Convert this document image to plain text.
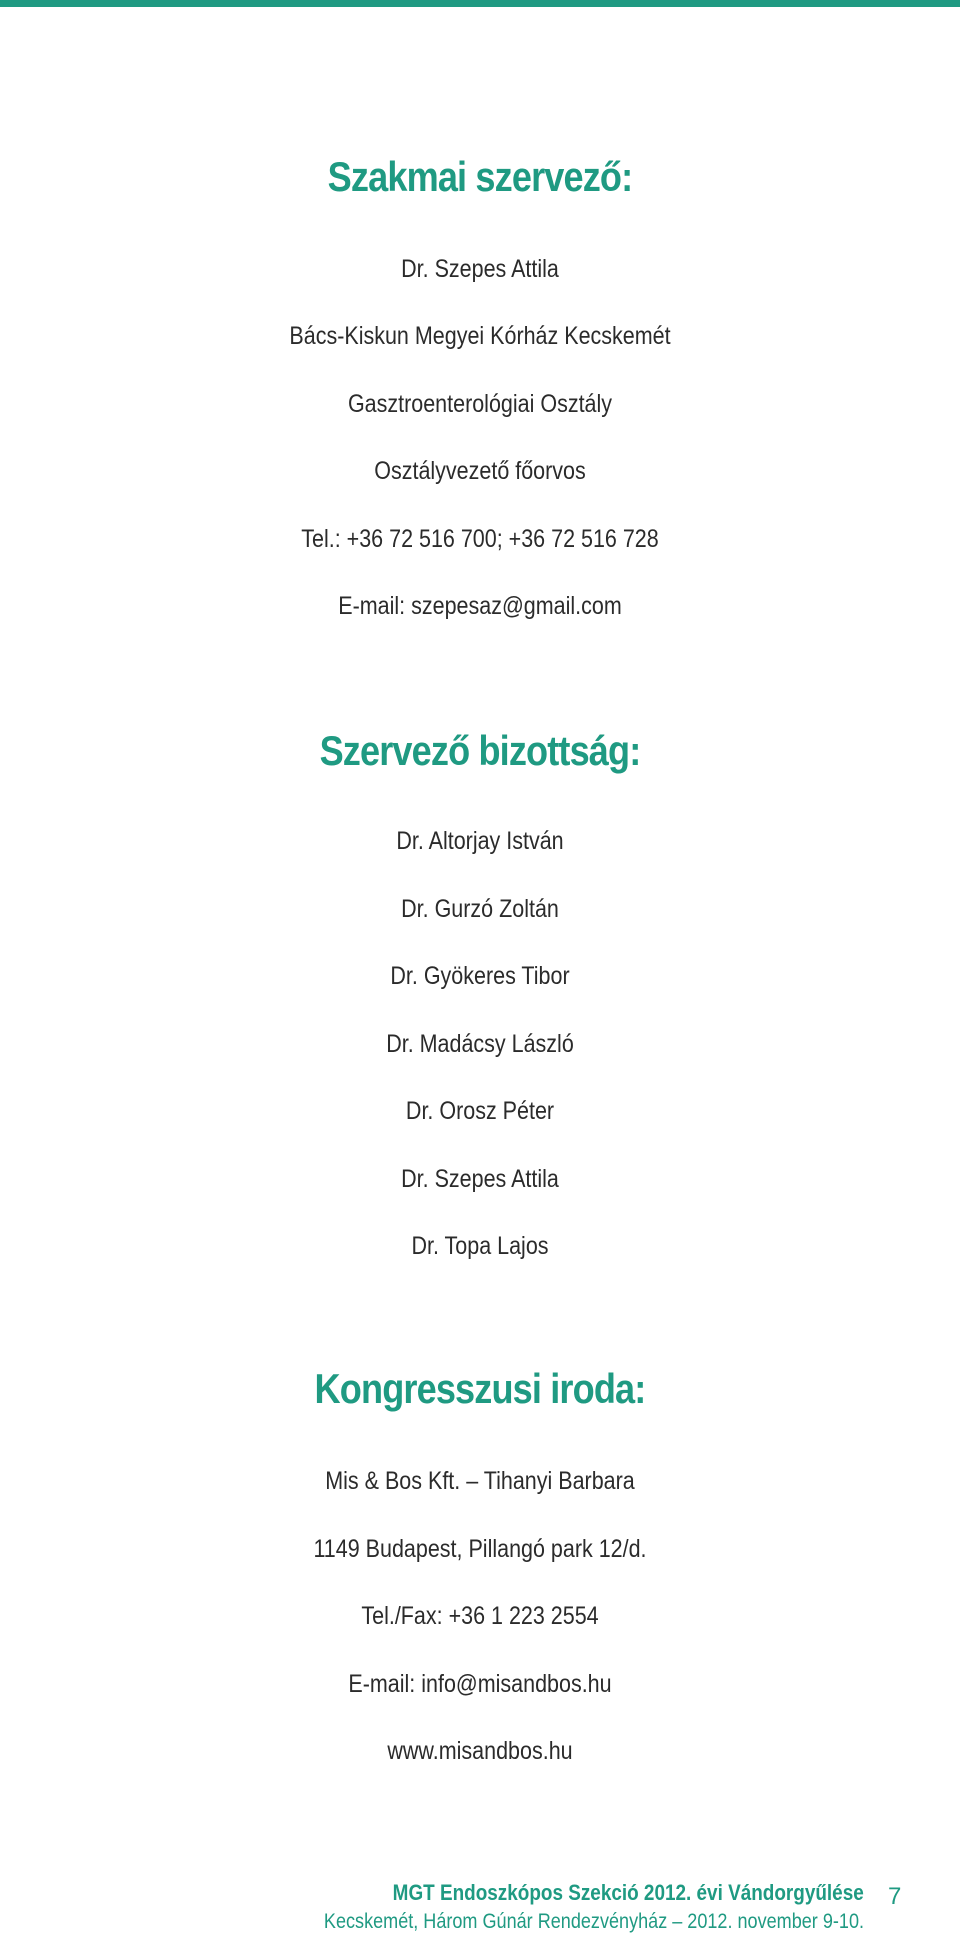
Szakmai szervező:

Dr. Szepes Attila

Bács-Kiskun Megyei Kórház Kecskemét

Gasztroenterológiai Osztály

Osztályvezető főorvos

Tel.: +36 72 516 700; +36 72 516 728

E-mail: szepesaz@gmail.com

Szervező bizottság:

Dr. Altorjay István

Dr. Gurzó Zoltán

Dr. Gyökeres Tibor

Dr. Madácsy László

Dr. Orosz Péter

Dr. Szepes Attila

Dr. Topa Lajos

Kongresszusi iroda:

Mis & Bos Kft. – Tihanyi Barbara

1149 Budapest, Pillangó park 12/d.

Tel./Fax: +36 1 223 2554

E-mail: info@misandbos.hu

www.misandbos.hu

MGT Endoszkópos Szekció 2012. évi Vándorgyűlése
Kecskemét, Három Gúnár Rendezvényház – 2012. november 9-10.
7
